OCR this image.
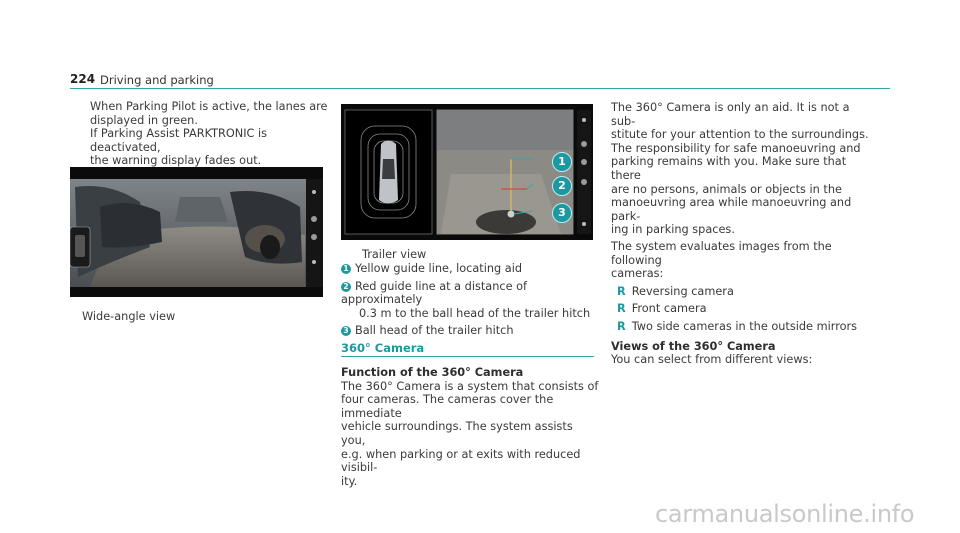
224 Driving and parking

When Parking Pilot is active, the lanes are

displayed in green.

If Parking Assist PARKTRONIC is deactivated,

the warning display fades out.

Wide-angle view
1
2
3
Trailer view
1 Yellow guide line, locating aid
2 Red guide line at a distance of approximately
0.3 m to the ball head of the trailer hitch
3 Ball head of the trailer hitch
360° Camera

Function of the 360° Camera

The 360° Camera is a system that consists of

four cameras. The cameras cover the immediate

vehicle surroundings. The system assists you,

e.g. when parking or at exits with reduced visibil-

ity.

The 360° Camera is only an aid. It is not a sub-

stitute for your attention to the surroundings.

The responsibility for safe manoeuvring and

parking remains with you. Make sure that there

are no persons, animals or objects in the

manoeuvring area while manoeuvring and park-

ing in parking spaces.

The system evaluates images from the following

cameras:

R Reversing camera

R Front camera

R Two side cameras in the outside mirrors

Views of the 360° Camera

You can select from different views:

carmanualsonline.info
